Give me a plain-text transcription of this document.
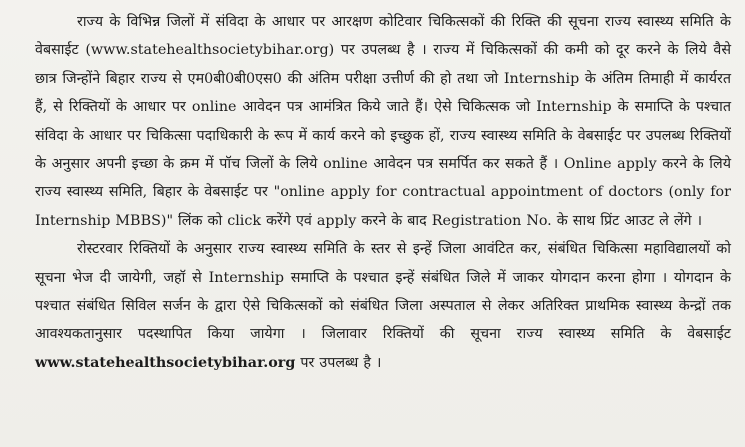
राज्य के विभिन्न जिलों में संविदा के आधार पर आरक्षण कोटिवार चिकित्सकों की रिक्ति की सूचना राज्य स्वास्थ्य समिति के वेबसाईट (www.statehealthsocietybihar.org) पर उपलब्ध है । राज्य में चिकित्सकों की कमी को दूर करने के लिये वैसे छात्र जिन्होंने बिहार राज्य से एम0बी0बी0एस0 की अंतिम परीक्षा उत्तीर्ण की हो तथा जो Internship के अंतिम तिमाही में कार्यरत हैं, से रिक्तियों के आधार पर online आवेदन पत्र आमंत्रित किये जाते हैं। ऐसे चिकित्सक जो Internship के समाप्ति के पश्चात संविदा के आधार पर चिकित्सा पदाधिकारी के रूप में कार्य करने को इच्छुक हों, राज्य स्वास्थ्य समिति के वेबसाईट पर उपलब्ध रिक्तियों के अनुसार अपनी इच्छा के क्रम में पॉच जिलों के लिये online आवेदन पत्र समर्पित कर सकते हैं । Online apply करने के लिये राज्य स्वास्थ्य समिति, बिहार के वेबसाईट पर "online apply for contractual appointment of doctors (only for Internship MBBS)" लिंक को click करेंगे एवं apply करने के बाद Registration No. के साथ प्रिंट आउट ले लेंगे ।

रोस्टरवार रिक्तियों के अनुसार राज्य स्वास्थ्य समिति के स्तर से इन्हें जिला आवंटित कर, संबंधित चिकित्सा महाविद्यालयों को सूचना भेज दी जायेगी, जहॉ से Internship समाप्ति के पश्चात इन्हें संबंधित जिले में जाकर योगदान करना होगा । योगदान के पश्चात संबंधित सिविल सर्जन के द्वारा ऐसे चिकित्सकों को संबंधित जिला अस्पताल से लेकर अतिरिक्त प्राथमिक स्वास्थ्य केन्द्रों तक आवश्यकतानुसार पदस्थापित किया जायेगा । जिलावार रिक्तियों की सूचना राज्य स्वास्थ्य समिति के वेबसाईट www.statehealthsocietybihar.org पर उपलब्ध है ।
